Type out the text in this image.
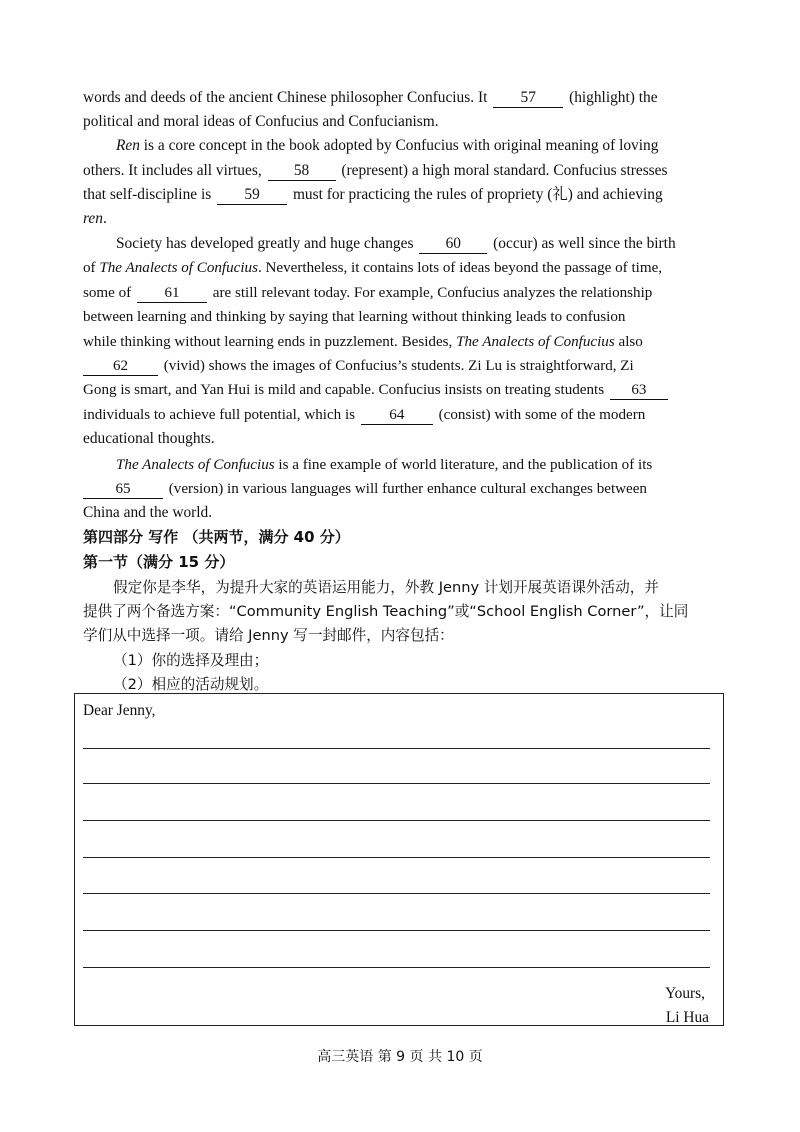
words and deeds of the ancient Chinese philosopher Confucius. It 57 (highlight) the
political and moral ideas of Confucius and Confucianism.
Ren is a core concept in the book adopted by Confucius with original meaning of loving
others. It includes all virtues, 58 (represent) a high moral standard. Confucius stresses
that self-discipline is 59 must for practicing the rules of propriety (礼) and achieving
ren.
Society has developed greatly and huge changes 60 (occur) as well since the birth
of The Analects of Confucius. Nevertheless, it contains lots of ideas beyond the passage of time,
some of 61 are still relevant today. For example, Confucius analyzes the relationship
between learning and thinking by saying that learning without thinking leads to confusion
while thinking without learning ends in puzzlement. Besides, The Analects of Confucius also
62 (vivid) shows the images of Confucius’s students. Zi Lu is straightforward, Zi
Gong is smart, and Yan Hui is mild and capable. Confucius insists on treating students 63
individuals to achieve full potential, which is 64 (consist) with some of the modern
educational thoughts.
The Analects of Confucius is a fine example of world literature, and the publication of its
65	(version) in various languages will further enhance cultural exchanges between
China and the world.
第四部分 写作 （共两节，满分 40 分）
第一节（满分 15 分）
假定你是李华，为提升大家的英语运用能力，外教 Jenny 计划开展英语课外活动，并
提供了两个备选方案：“Community English Teaching”或“School English Corner”，让同
学们从中选择一项。请给 Jenny 写一封邮件，内容包括：
（1）你的选择及理由；
（2）相应的活动规划。
Dear Jenny,
Yours,
Li Hua
高三英语 第 9 页 共 10 页
